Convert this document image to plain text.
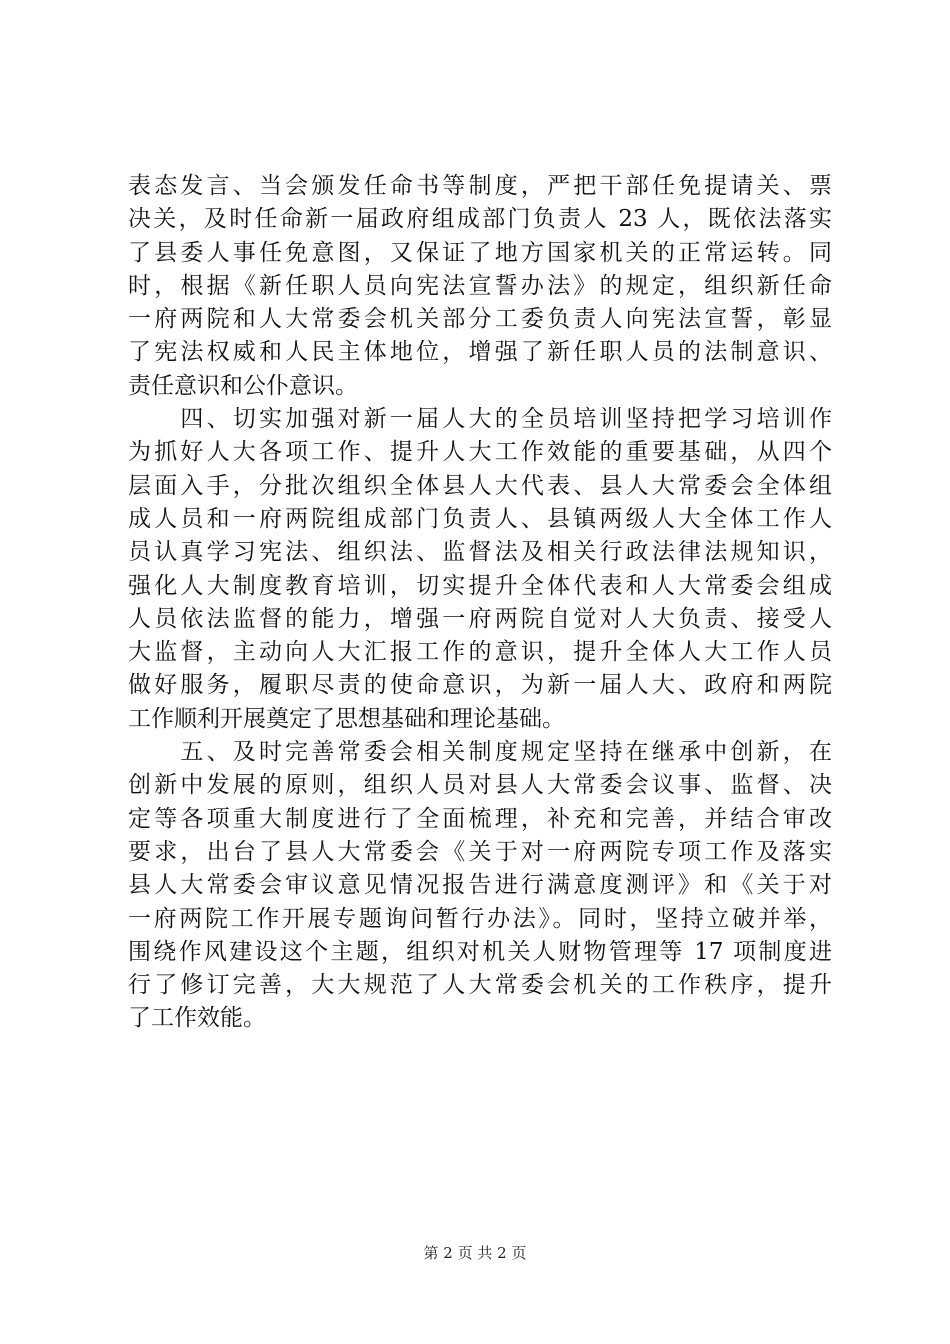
表态发言、当会颁发任命书等制度，严把干部任免提请关、票
决关，及时任命新一届政府组成部门负责人 23 人，既依法落实
了县委人事任免意图，又保证了地方国家机关的正常运转。同
时，根据《新任职人员向宪法宣誓办法》的规定，组织新任命
一府两院和人大常委会机关部分工委负责人向宪法宣誓，彰显
了宪法权威和人民主体地位，增强了新任职人员的法制意识、
责任意识和公仆意识。
　　四、切实加强对新一届人大的全员培训坚持把学习培训作
为抓好人大各项工作、提升人大工作效能的重要基础，从四个
层面入手，分批次组织全体县人大代表、县人大常委会全体组
成人员和一府两院组成部门负责人、县镇两级人大全体工作人
员认真学习宪法、组织法、监督法及相关行政法律法规知识，
强化人大制度教育培训，切实提升全体代表和人大常委会组成
人员依法监督的能力，增强一府两院自觉对人大负责、接受人
大监督，主动向人大汇报工作的意识，提升全体人大工作人员
做好服务，履职尽责的使命意识，为新一届人大、政府和两院
工作顺利开展奠定了思想基础和理论基础。
　　五、及时完善常委会相关制度规定坚持在继承中创新，在
创新中发展的原则，组织人员对县人大常委会议事、监督、决
定等各项重大制度进行了全面梳理，补充和完善，并结合审改
要求，出台了县人大常委会《关于对一府两院专项工作及落实
县人大常委会审议意见情况报告进行满意度测评》和《关于对
一府两院工作开展专题询问暂行办法》。同时，坚持立破并举，
围绕作风建设这个主题，组织对机关人财物管理等 17 项制度进
行了修订完善，大大规范了人大常委会机关的工作秩序，提升
了工作效能。
第 2 页 共 2 页
